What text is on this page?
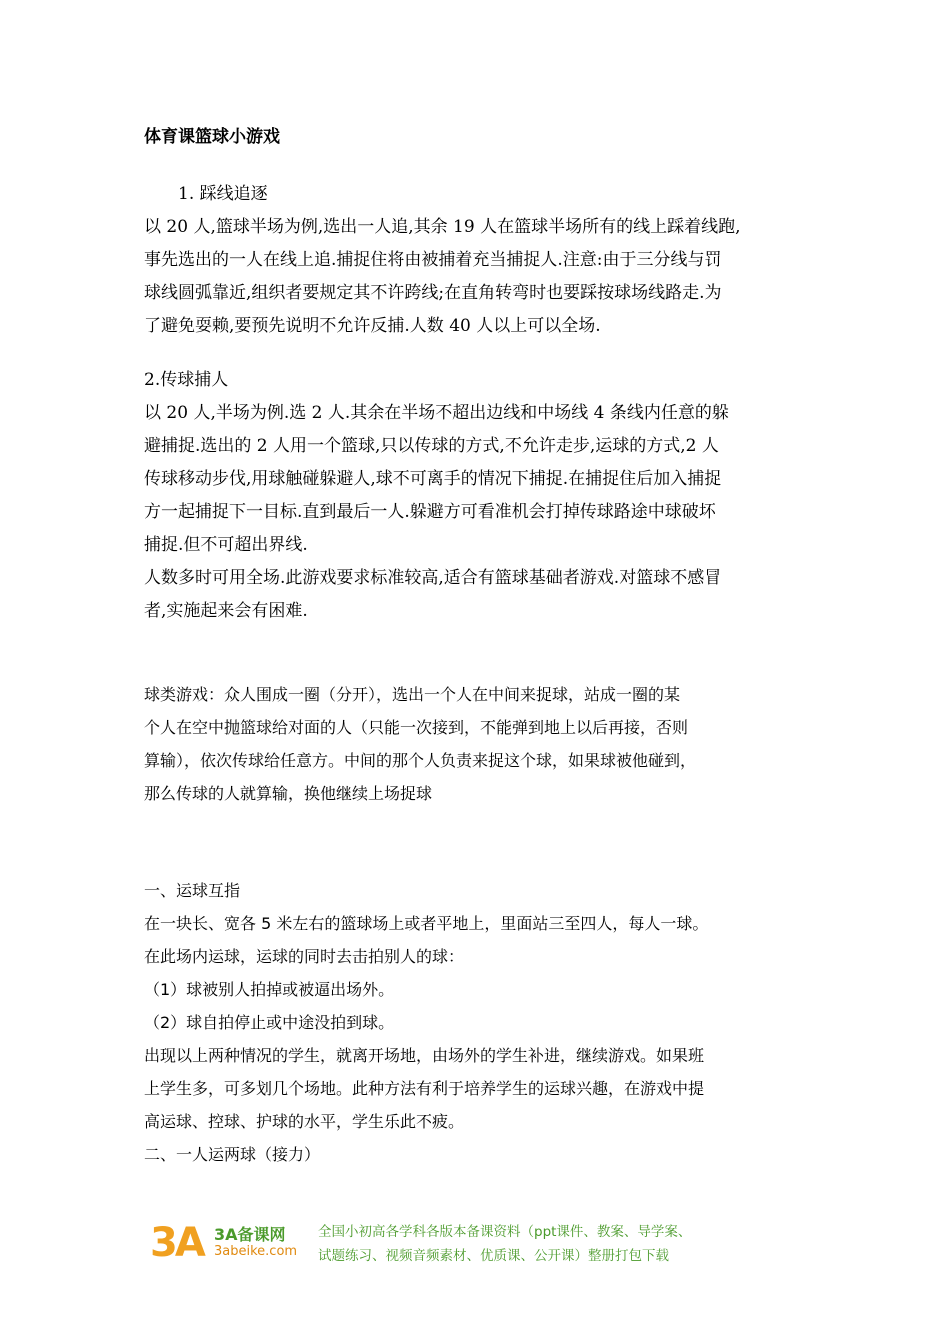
体育课篮球小游戏
1. 踩线追逐
以 20 人,篮球半场为例,选出一人追,其余 19 人在篮球半场所有的线上踩着线跑,
事先选出的一人在线上追.捕捉住将由被捕着充当捕捉人.注意:由于三分线与罚
球线圆弧靠近,组织者要规定其不许跨线;在直角转弯时也要踩按球场线路走.为
了避免耍赖,要预先说明不允许反捕.人数 40 人以上可以全场.
2.传球捕人
以 20 人,半场为例.选 2 人.其余在半场不超出边线和中场线 4 条线内任意的躲
避捕捉.选出的 2 人用一个篮球,只以传球的方式,不允许走步,运球的方式,2 人
传球移动步伐,用球触碰躲避人,球不可离手的情况下捕捉.在捕捉住后加入捕捉
方一起捕捉下一目标.直到最后一人.躲避方可看准机会打掉传球路途中球破坏
捕捉.但不可超出界线.
人数多时可用全场.此游戏要求标准较高,适合有篮球基础者游戏.对篮球不感冒
者,实施起来会有困难.
球类游戏：众人围成一圈（分开），选出一个人在中间来捉球，站成一圈的某
个人在空中抛篮球给对面的人（只能一次接到，不能弹到地上以后再接，否则
算输），依次传球给任意方。中间的那个人负责来捉这个球，如果球被他碰到，
那么传球的人就算输，换他继续上场捉球
一、运球互指
在一块长、宽各 5 米左右的篮球场上或者平地上，里面站三至四人，每人一球。
在此场内运球，运球的同时去击拍别人的球：
（1）球被别人拍掉或被逼出场外。
（2）球自拍停止或中途没拍到球。
出现以上两种情况的学生，就离开场地，由场外的学生补进，继续游戏。如果班
上学生多，可多划几个场地。此种方法有利于培养学生的运球兴趣，在游戏中提
高运球、控球、护球的水平，学生乐此不疲。
二、一人运两球（接力）
3A 3A备课网
3abeike.com
全国小初高各学科各版本备课资料（ppt课件、教案、导学案、
试题练习、视频音频素材、优质课、公开课）整册打包下载
